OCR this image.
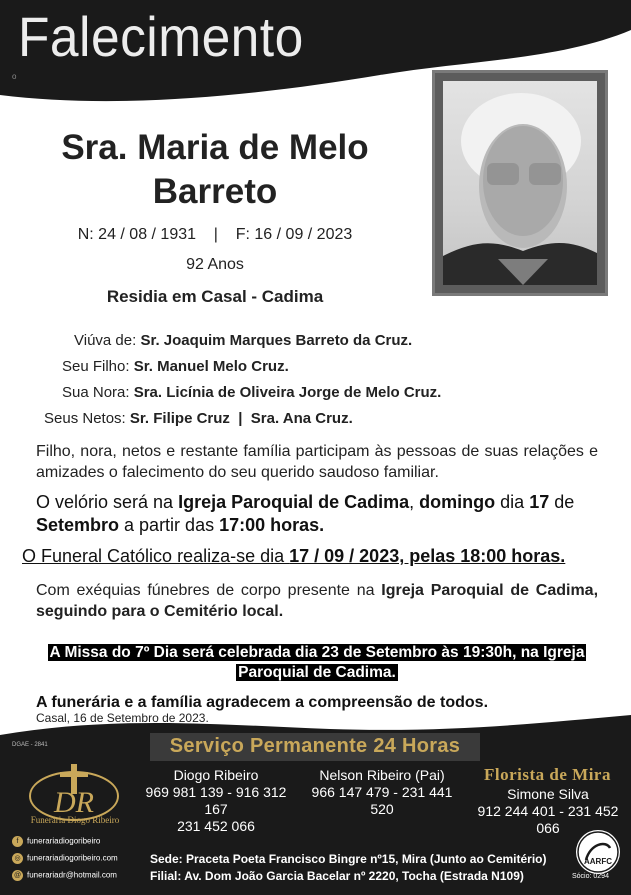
Falecimento
o
Sra. Maria de Melo
Barreto
N: 24 / 08 / 1931    |    F: 16 / 09 / 2023
92 Anos
Residia em Casal - Cadima
Viúva de: Sr. Joaquim Marques Barreto da Cruz.
Seu Filho: Sr. Manuel Melo Cruz.
Sua Nora: Sra. Licínia de Oliveira Jorge de Melo Cruz.
Seus Netos: Sr. Filipe Cruz  |  Sra. Ana Cruz.
Filho, nora, netos e restante família participam às pessoas de suas relações e amizades o falecimento do seu querido saudoso familiar.
O velório será na Igreja Paroquial de Cadima, domingo dia 17 de Setembro a partir das 17:00 horas.
O Funeral Católico realiza-se dia 17 / 09 / 2023, pelas 18:00 horas.
Com exéquias fúnebres de corpo presente na Igreja Paroquial de Cadima, seguindo para o Cemitério local.
A Missa do 7º Dia será celebrada dia 23 de Setembro às 19:30h, na Igreja Paroquial de Cadima.
A funerária e a família agradecem a compreensão de todos.
Casal, 16 de Setembro de 2023.
DGAE - 2841	Serviço Permanente 24 Horas
DR
Funerária Diogo Ribeiro
Diogo Ribeiro
969 981 139 - 916 312 167
231 452 066
Nelson Ribeiro (Pai)
966 147 479 - 231 441 520
Florista de Mira
Simone Silva
912 244 401 - 231 452 066
f funerariadiogoribeiro
◎ funerariadiogoribeiro.com
@ funerariadr@hotmail.com
Sede: Praceta Poeta Francisco Bingre nº15, Mira (Junto ao Cemitério)
Filial: Av. Dom João Garcia Bacelar nº 2220, Tocha (Estrada N109)
AARFC
Sócio: 0294
